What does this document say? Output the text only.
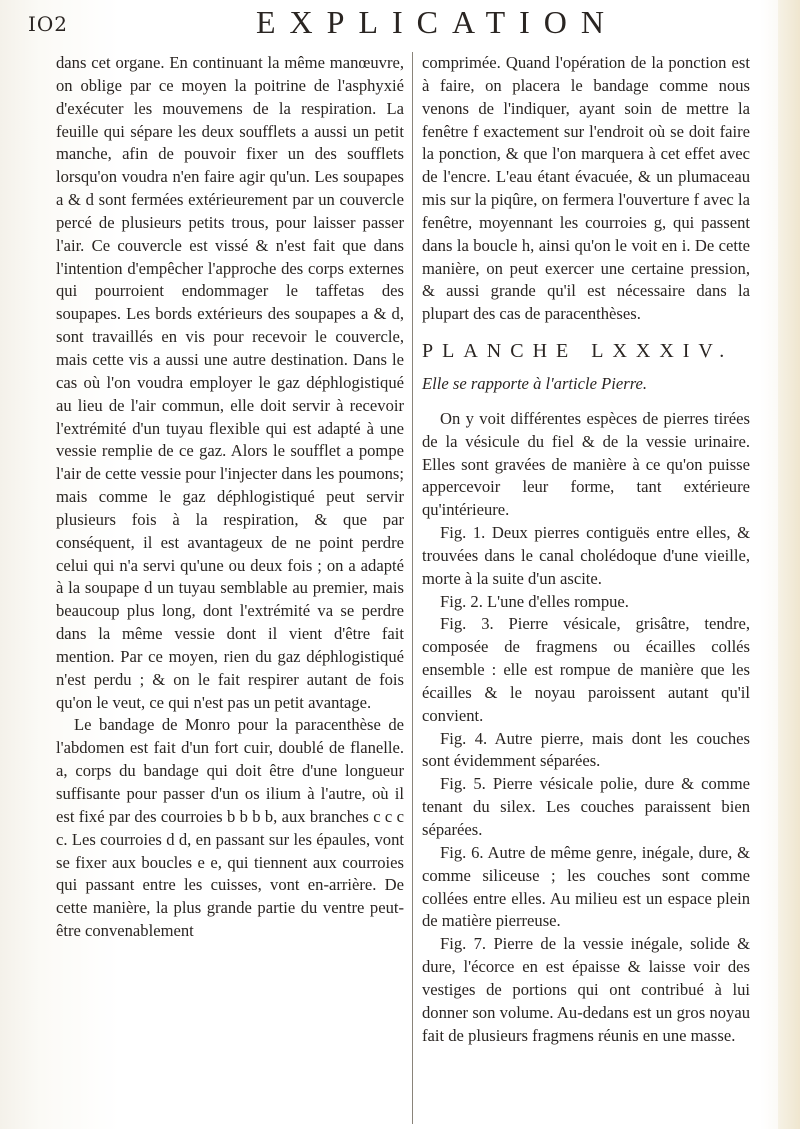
IO2	EXPLICATION

dans cet organe. En continuant la même manœuvre, on oblige par ce moyen la poitrine de l'asphyxié d'exécuter les mouvemens de la respiration. La feuille qui sépare les deux soufflets a aussi un petit manche, afin de pouvoir fixer un des soufflets lorsqu'on voudra n'en faire agir qu'un. Les soupapes a & d sont fermées extérieurement par un couvercle percé de plusieurs petits trous, pour laisser passer l'air. Ce couvercle est vissé & n'est fait que dans l'intention d'empêcher l'approche des corps externes qui pourroient endommager le taffetas des soupapes. Les bords extérieurs des soupapes a & d, sont travaillés en vis pour recevoir le couvercle, mais cette vis a aussi une autre destination. Dans le cas où l'on voudra employer le gaz déphlogistiqué au lieu de l'air commun, elle doit servir à recevoir l'extrémité d'un tuyau flexible qui est adapté à une vessie remplie de ce gaz. Alors le soufflet a pompe l'air de cette vessie pour l'injecter dans les poumons; mais comme le gaz déphlogistiqué peut servir plusieurs fois à la respiration, & que par conséquent, il est avantageux de ne point perdre celui qui n'a servi qu'une ou deux fois ; on a adapté à la soupape d un tuyau semblable au premier, mais beaucoup plus long, dont l'extrémité va se perdre dans la même vessie dont il vient d'être fait mention. Par ce moyen, rien du gaz déphlogistiqué n'est perdu ; & on le fait respirer autant de fois qu'on le veut, ce qui n'est pas un petit avantage.

Le bandage de Monro pour la paracenthèse de l'abdomen est fait d'un fort cuir, doublé de flanelle. a, corps du bandage qui doit être d'une longueur suffisante pour passer d'un os ilium à l'autre, où il est fixé par des courroies b b b b, aux branches c c c c. Les courroies d d, en passant sur les épaules, vont se fixer aux boucles e e, qui tiennent aux courroies qui passant entre les cuisses, vont en-arrière. De cette manière, la plus grande partie du ventre peut-être convenablement

comprimée. Quand l'opération de la ponction est à faire, on placera le bandage comme nous venons de l'indiquer, ayant soin de mettre la fenêtre f exactement sur l'endroit où se doit faire la ponction, & que l'on marquera à cet effet avec de l'encre. L'eau étant évacuée, & un plumaceau mis sur la piqûre, on fermera l'ouverture f avec la fenêtre, moyennant les courroies g, qui passent dans la boucle h, ainsi qu'on le voit en i. De cette manière, on peut exercer une certaine pression, & aussi grande qu'il est nécessaire dans la plupart des cas de paracenthèses.

PLANCHE LXXXIV.
Elle se rapporte à l'article Pierre.

On y voit différentes espèces de pierres tirées de la vésicule du fiel & de la vessie urinaire. Elles sont gravées de manière à ce qu'on puisse appercevoir leur forme, tant extérieure qu'intérieure.

Fig. 1. Deux pierres contiguës entre elles, & trouvées dans le canal cholédoque d'une vieille, morte à la suite d'un ascite.

Fig. 2. L'une d'elles rompue.

Fig. 3. Pierre vésicale, grisâtre, tendre, composée de fragmens ou écailles collés ensemble : elle est rompue de manière que les écailles & le noyau paroissent autant qu'il convient.

Fig. 4. Autre pierre, mais dont les couches sont évidemment séparées.

Fig. 5. Pierre vésicale polie, dure & comme tenant du silex. Les couches paraissent bien séparées.

Fig. 6. Autre de même genre, inégale, dure, & comme siliceuse ; les couches sont comme collées entre elles. Au milieu est un espace plein de matière pierreuse.

Fig. 7. Pierre de la vessie inégale, solide & dure, l'écorce en est épaisse & laisse voir des vestiges de portions qui ont contribué à lui donner son volume. Au-dedans est un gros noyau fait de plusieurs fragmens réunis en une masse.
